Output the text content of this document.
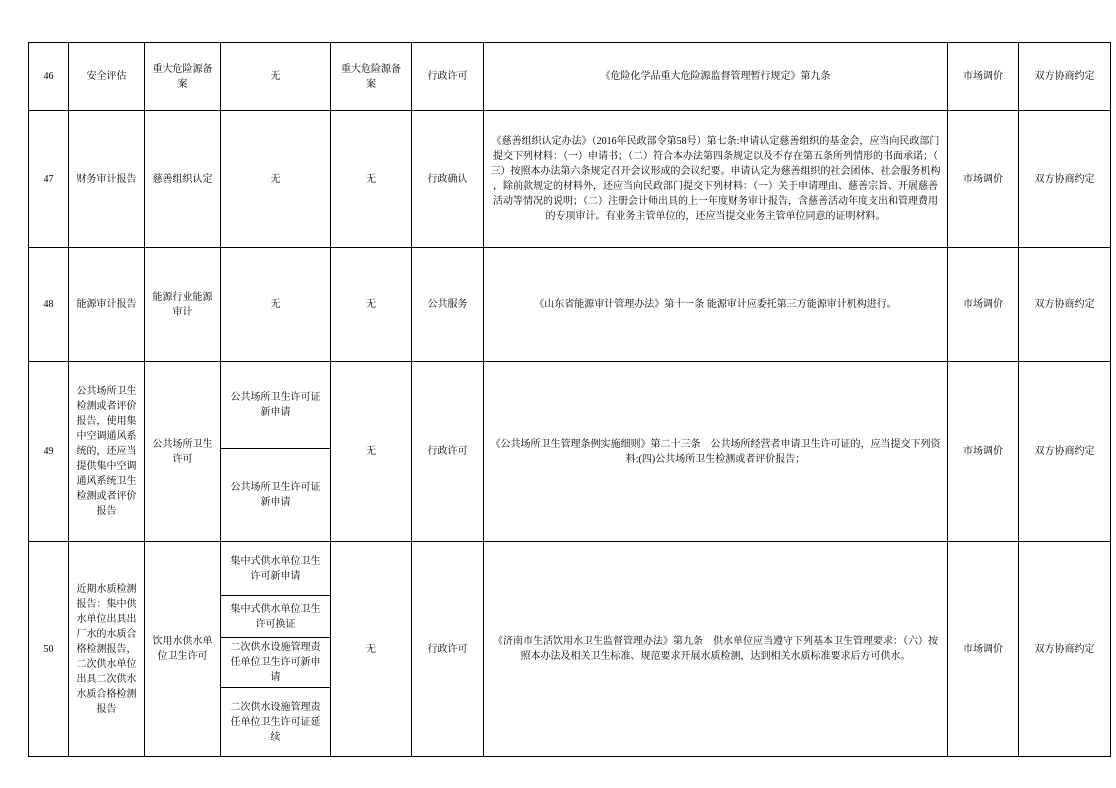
46	安全评估	重大危险源备案	无	重大危险源备案	行政许可	《危险化学品重大危险源监督管理暂行规定》第九条	市场调价	双方协商约定
47	财务审计报告	慈善组织认定	无	无	行政确认	《慈善组织认定办法》（2016年民政部令第58号）第七条:申请认定慈善组织的基金会，应当向民政部门提交下列材料：（一）申请书；（二）符合本办法第四条规定以及不存在第五条所列情形的书面承诺；（三）按照本办法第六条规定召开会议形成的会议纪要。申请认定为慈善组织的社会团体、社会服务机构，除前款规定的材料外，还应当向民政部门提交下列材料：（一）关于申请理由、慈善宗旨、开展慈善活动等情况的说明；（二）注册会计师出具的上一年度财务审计报告，含慈善活动年度支出和管理费用的专项审计。有业务主管单位的，还应当提交业务主管单位同意的证明材料。	市场调价	双方协商约定
48	能源审计报告	能源行业能源审计	无	无	公共服务	《山东省能源审计管理办法》第十一条 能源审计应委托第三方能源审计机构进行。	市场调价	双方协商约定
49	公共场所卫生检测或者评价报告，使用集中空调通风系统的，还应当提供集中空调通风系统卫生检测或者评价报告	公共场所卫生许可	公共场所卫生许可证新申请	无	行政许可	《公共场所卫生管理条例实施细则》第二十三条　公共场所经营者申请卫生许可证的，应当提交下列资料:(四)公共场所卫生检测或者评价报告；	市场调价	双方协商约定
			公共场所卫生许可证新申请					
50	近期水质检测报告：集中供水单位出具出厂水的水质合格检测报告，二次供水单位出具二次供水水质合格检测报告	饮用水供水单位卫生许可	集中式供水单位卫生许可新申请	无	行政许可	《济南市生活饮用水卫生监督管理办法》第九条　供水单位应当遵守下列基本卫生管理要求：（六）按照本办法及相关卫生标准、规范要求开展水质检测，达到相关水质标准要求后方可供水。	市场调价	双方协商约定
			集中式供水单位卫生许可换证					
			二次供水设施管理责任单位卫生许可新申请					
			二次供水设施管理责任单位卫生许可证延续					
